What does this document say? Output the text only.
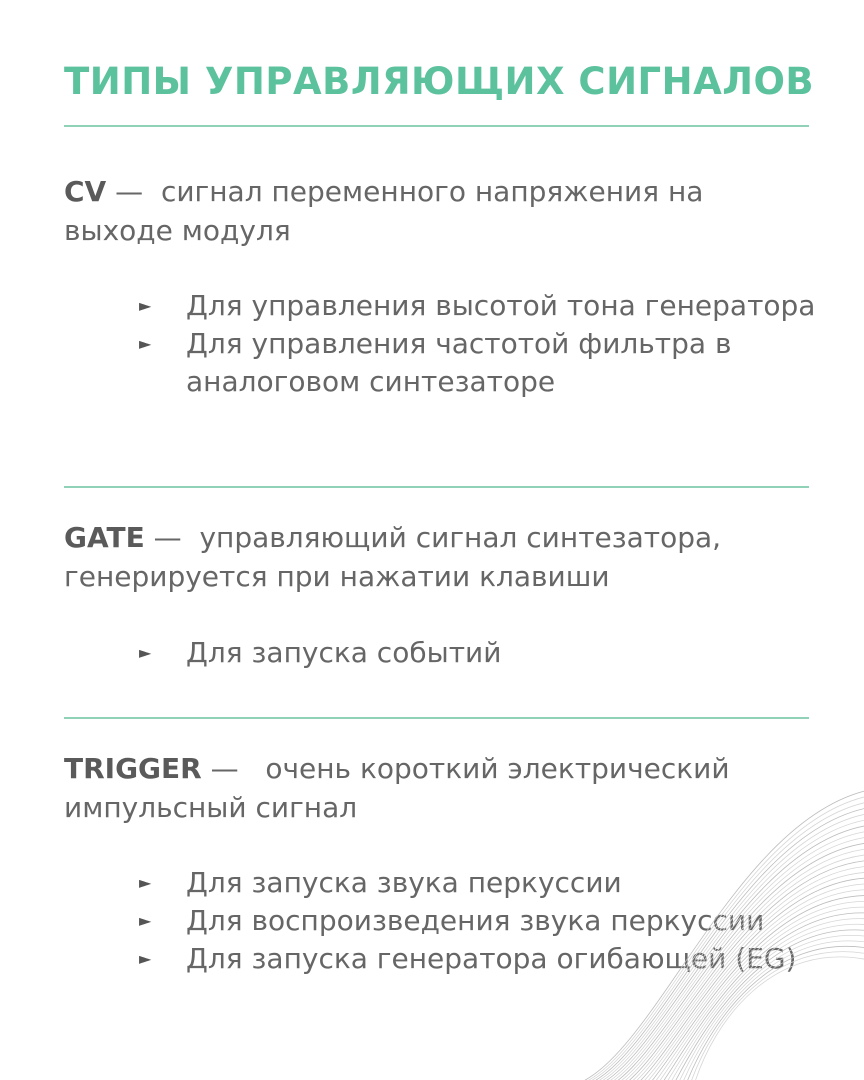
ТИПЫ УПРАВЛЯЮЩИХ СИГНАЛОВ

CV — сигнал переменного напряжения на выходе модуля

► Для управления высотой тона генератора
► Для управления частотой фильтра в аналоговом синтезаторе

GATE — управляющий сигнал синтезатора, генерируется при нажатии клавиши

► Для запуска событий

TRIGGER — очень короткий электрический импульсный сигнал

► Для запуска звука перкуссии
► Для воспроизведения звука перкуссии
► Для запуска генератора огибающей (EG)
